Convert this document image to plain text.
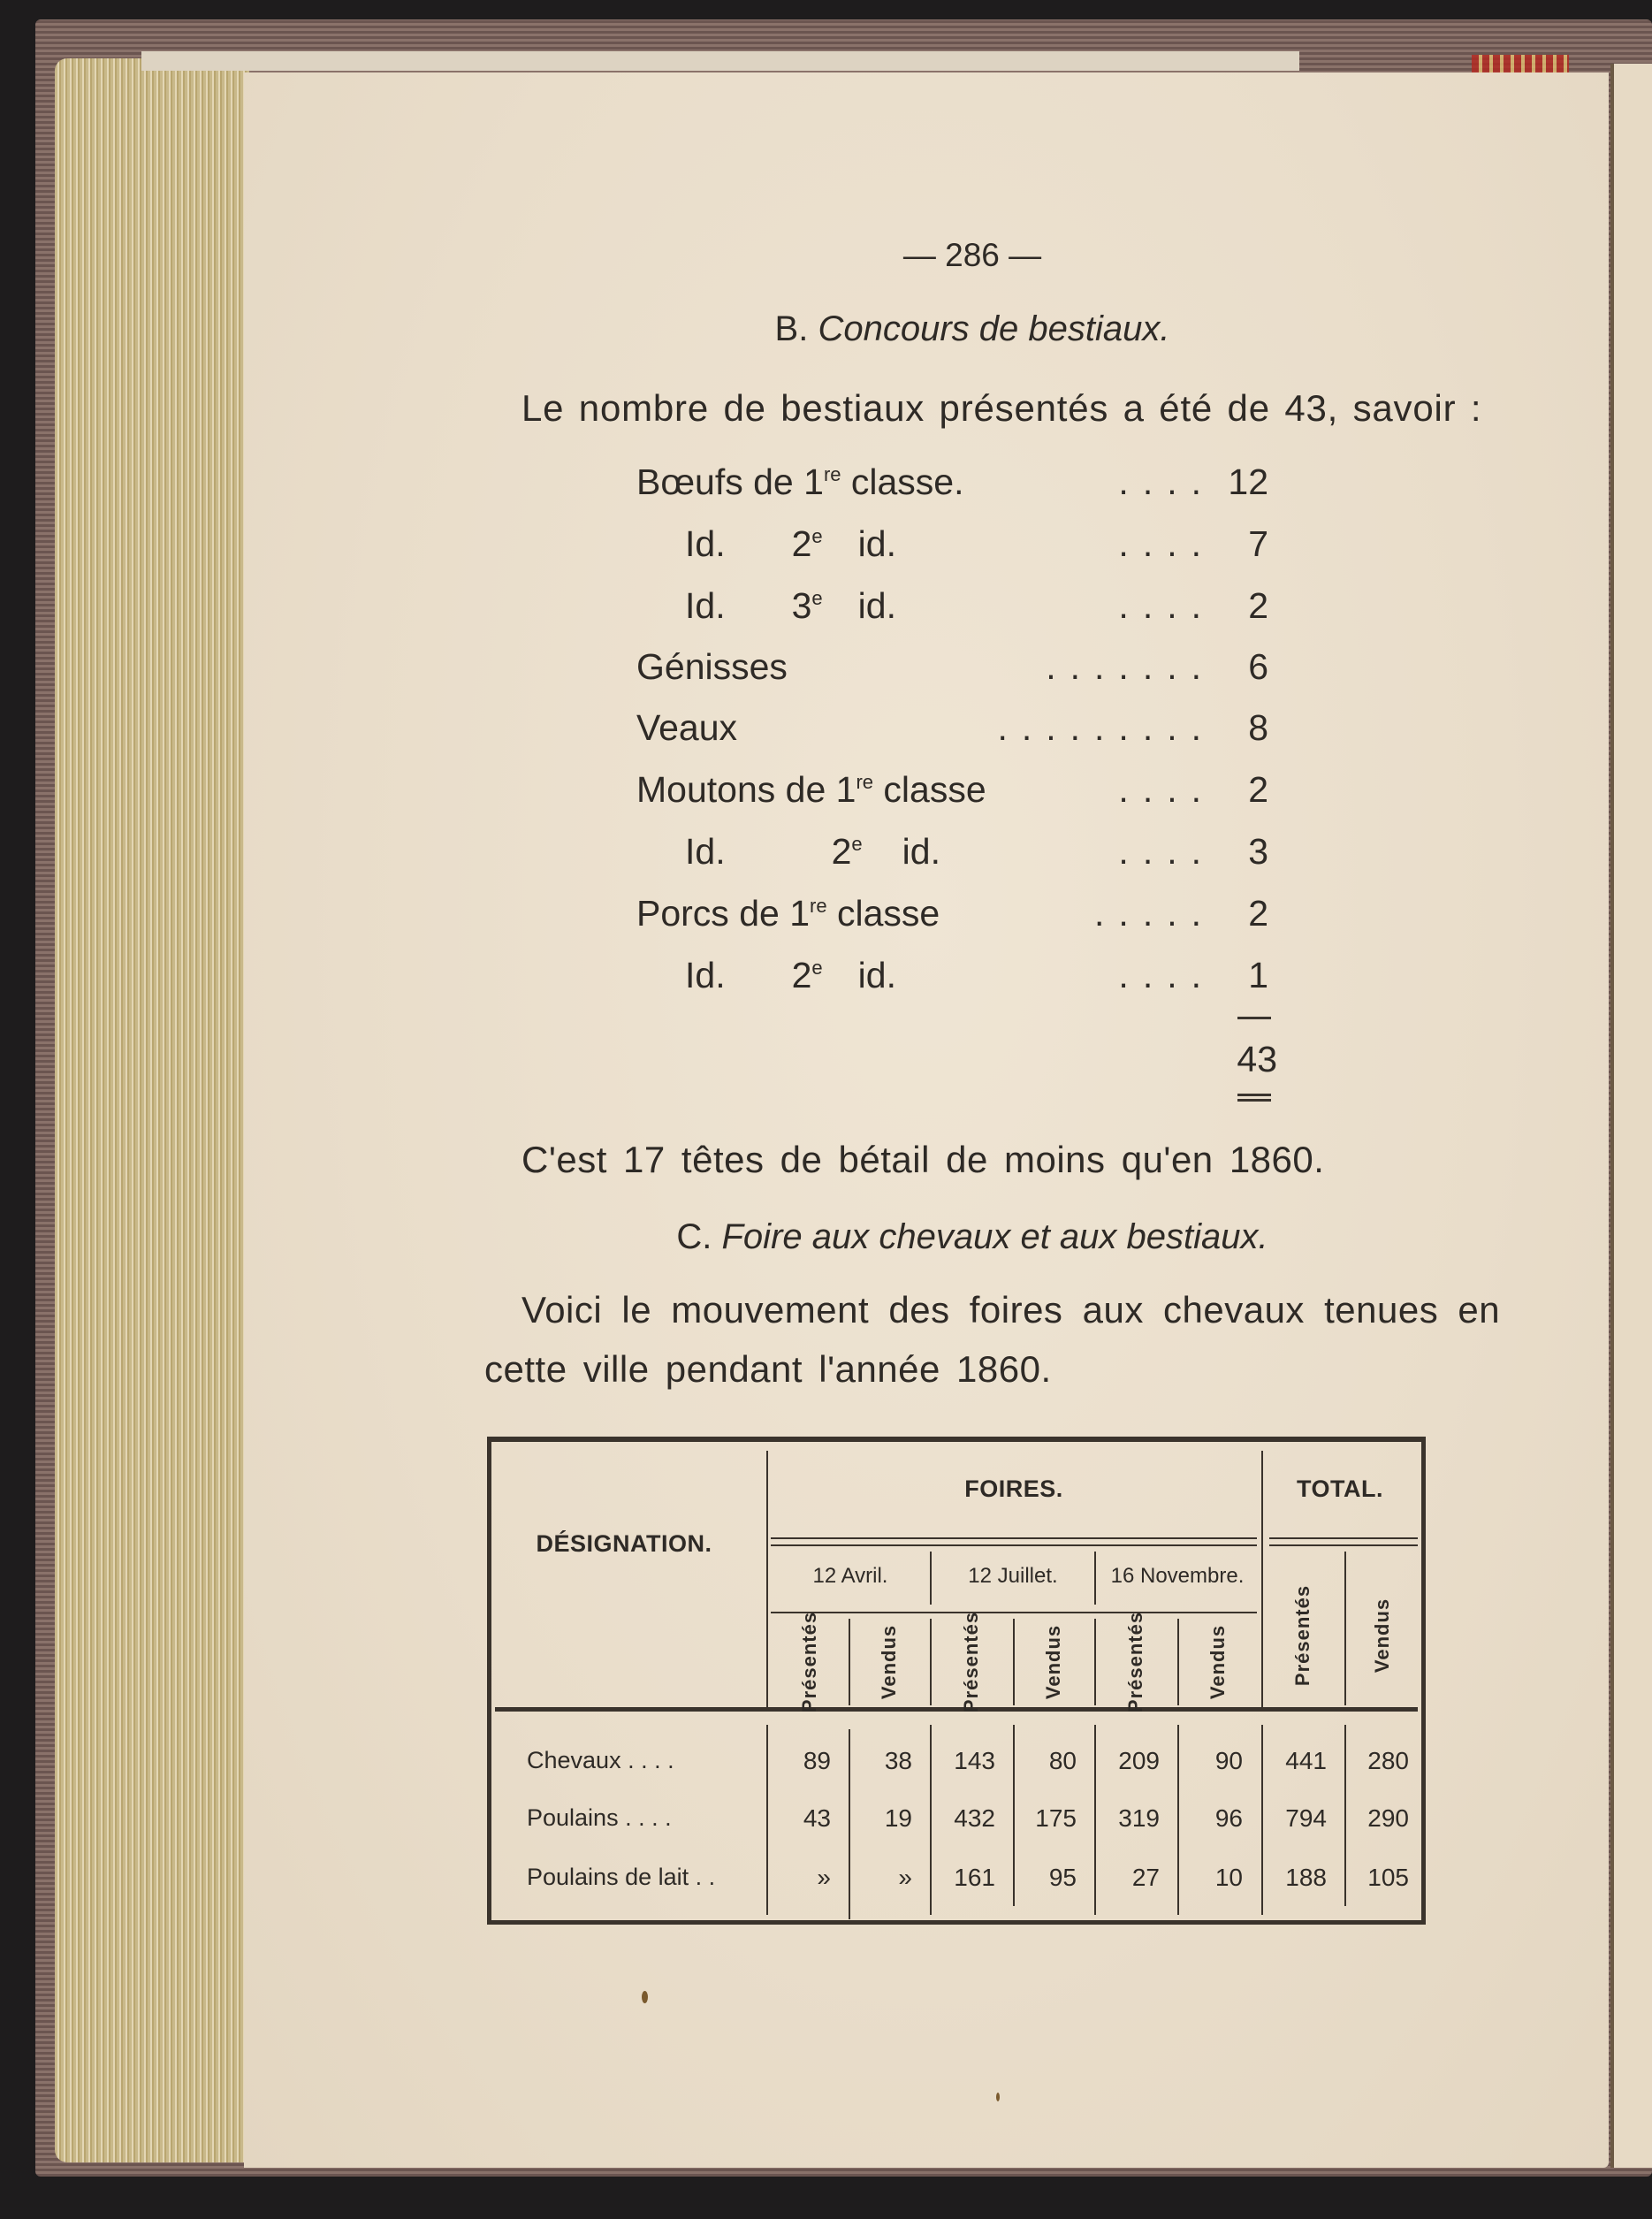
— 286 —
B. Concours de bestiaux.
Le nombre de bestiaux présentés a été de 43, savoir :
Bœufs de 1re classe.	.... 12
Id. 2e id.	.... 7
Id. 3e id.	.... 2
Génisses	....... 6
Veaux	......... 8
Moutons de 1re classe	.... 2
Id.	2e id.	.... 3
Porcs de 1re classe	..... 2
Id. 2e id.	.... 1
43
C'est 17 têtes de bétail de moins qu'en 1860.
C. Foire aux chevaux et aux bestiaux.
Voici le mouvement des foires aux chevaux tenues en
cette ville pendant l'année 1860.
DÉSIGNATION.
FOIRES.	TOTAL.
12 Avril.	12 Juillet.	16 Novembre.
Présentés	Vendus	Présentés	Vendus	Présentés	Vendus	Présentés	Vendus
Chevaux . . . .	89	38	143	80	209	90	441	280
Poulains . . . .	43	19	432	175	319	96	794	290
Poulains de lait . .	»	»	161	95	27	10	188	105
